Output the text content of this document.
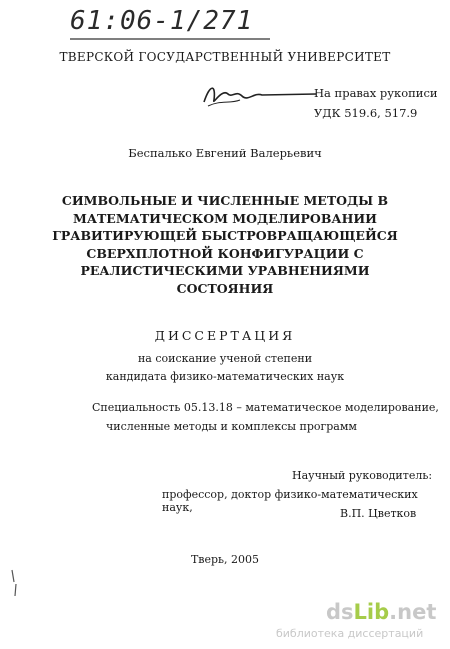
61:06-1/271
ТВЕРСКОЙ ГОСУДАРСТВЕННЫЙ УНИВЕРСИТЕТ
На правах рукописи
УДК 519.6, 517.9
Беспалько Евгений Валерьевич
СИМВОЛЬНЫЕ И ЧИСЛЕННЫЕ МЕТОДЫ В
МАТЕМАТИЧЕСКОМ МОДЕЛИРОВАНИИ
ГРАВИТИРУЮЩЕЙ БЫСТРОВРАЩАЮЩЕЙСЯ
СВЕРХПЛОТНОЙ КОНФИГУРАЦИИ С
РЕАЛИСТИЧЕСКИМИ УРАВНЕНИЯМИ
СОСТОЯНИЯ
ДИССЕРТАЦИЯ
на соискание ученой степени
кандидата физико-математических наук
Специальность 05.13.18 – математическое моделирование,
численные методы и комплексы программ
Научный руководитель:
профессор, доктор физико-математических наук,	В.П. Цветков
Тверь, 2005
dsLib.net
библиотека диссертаций
